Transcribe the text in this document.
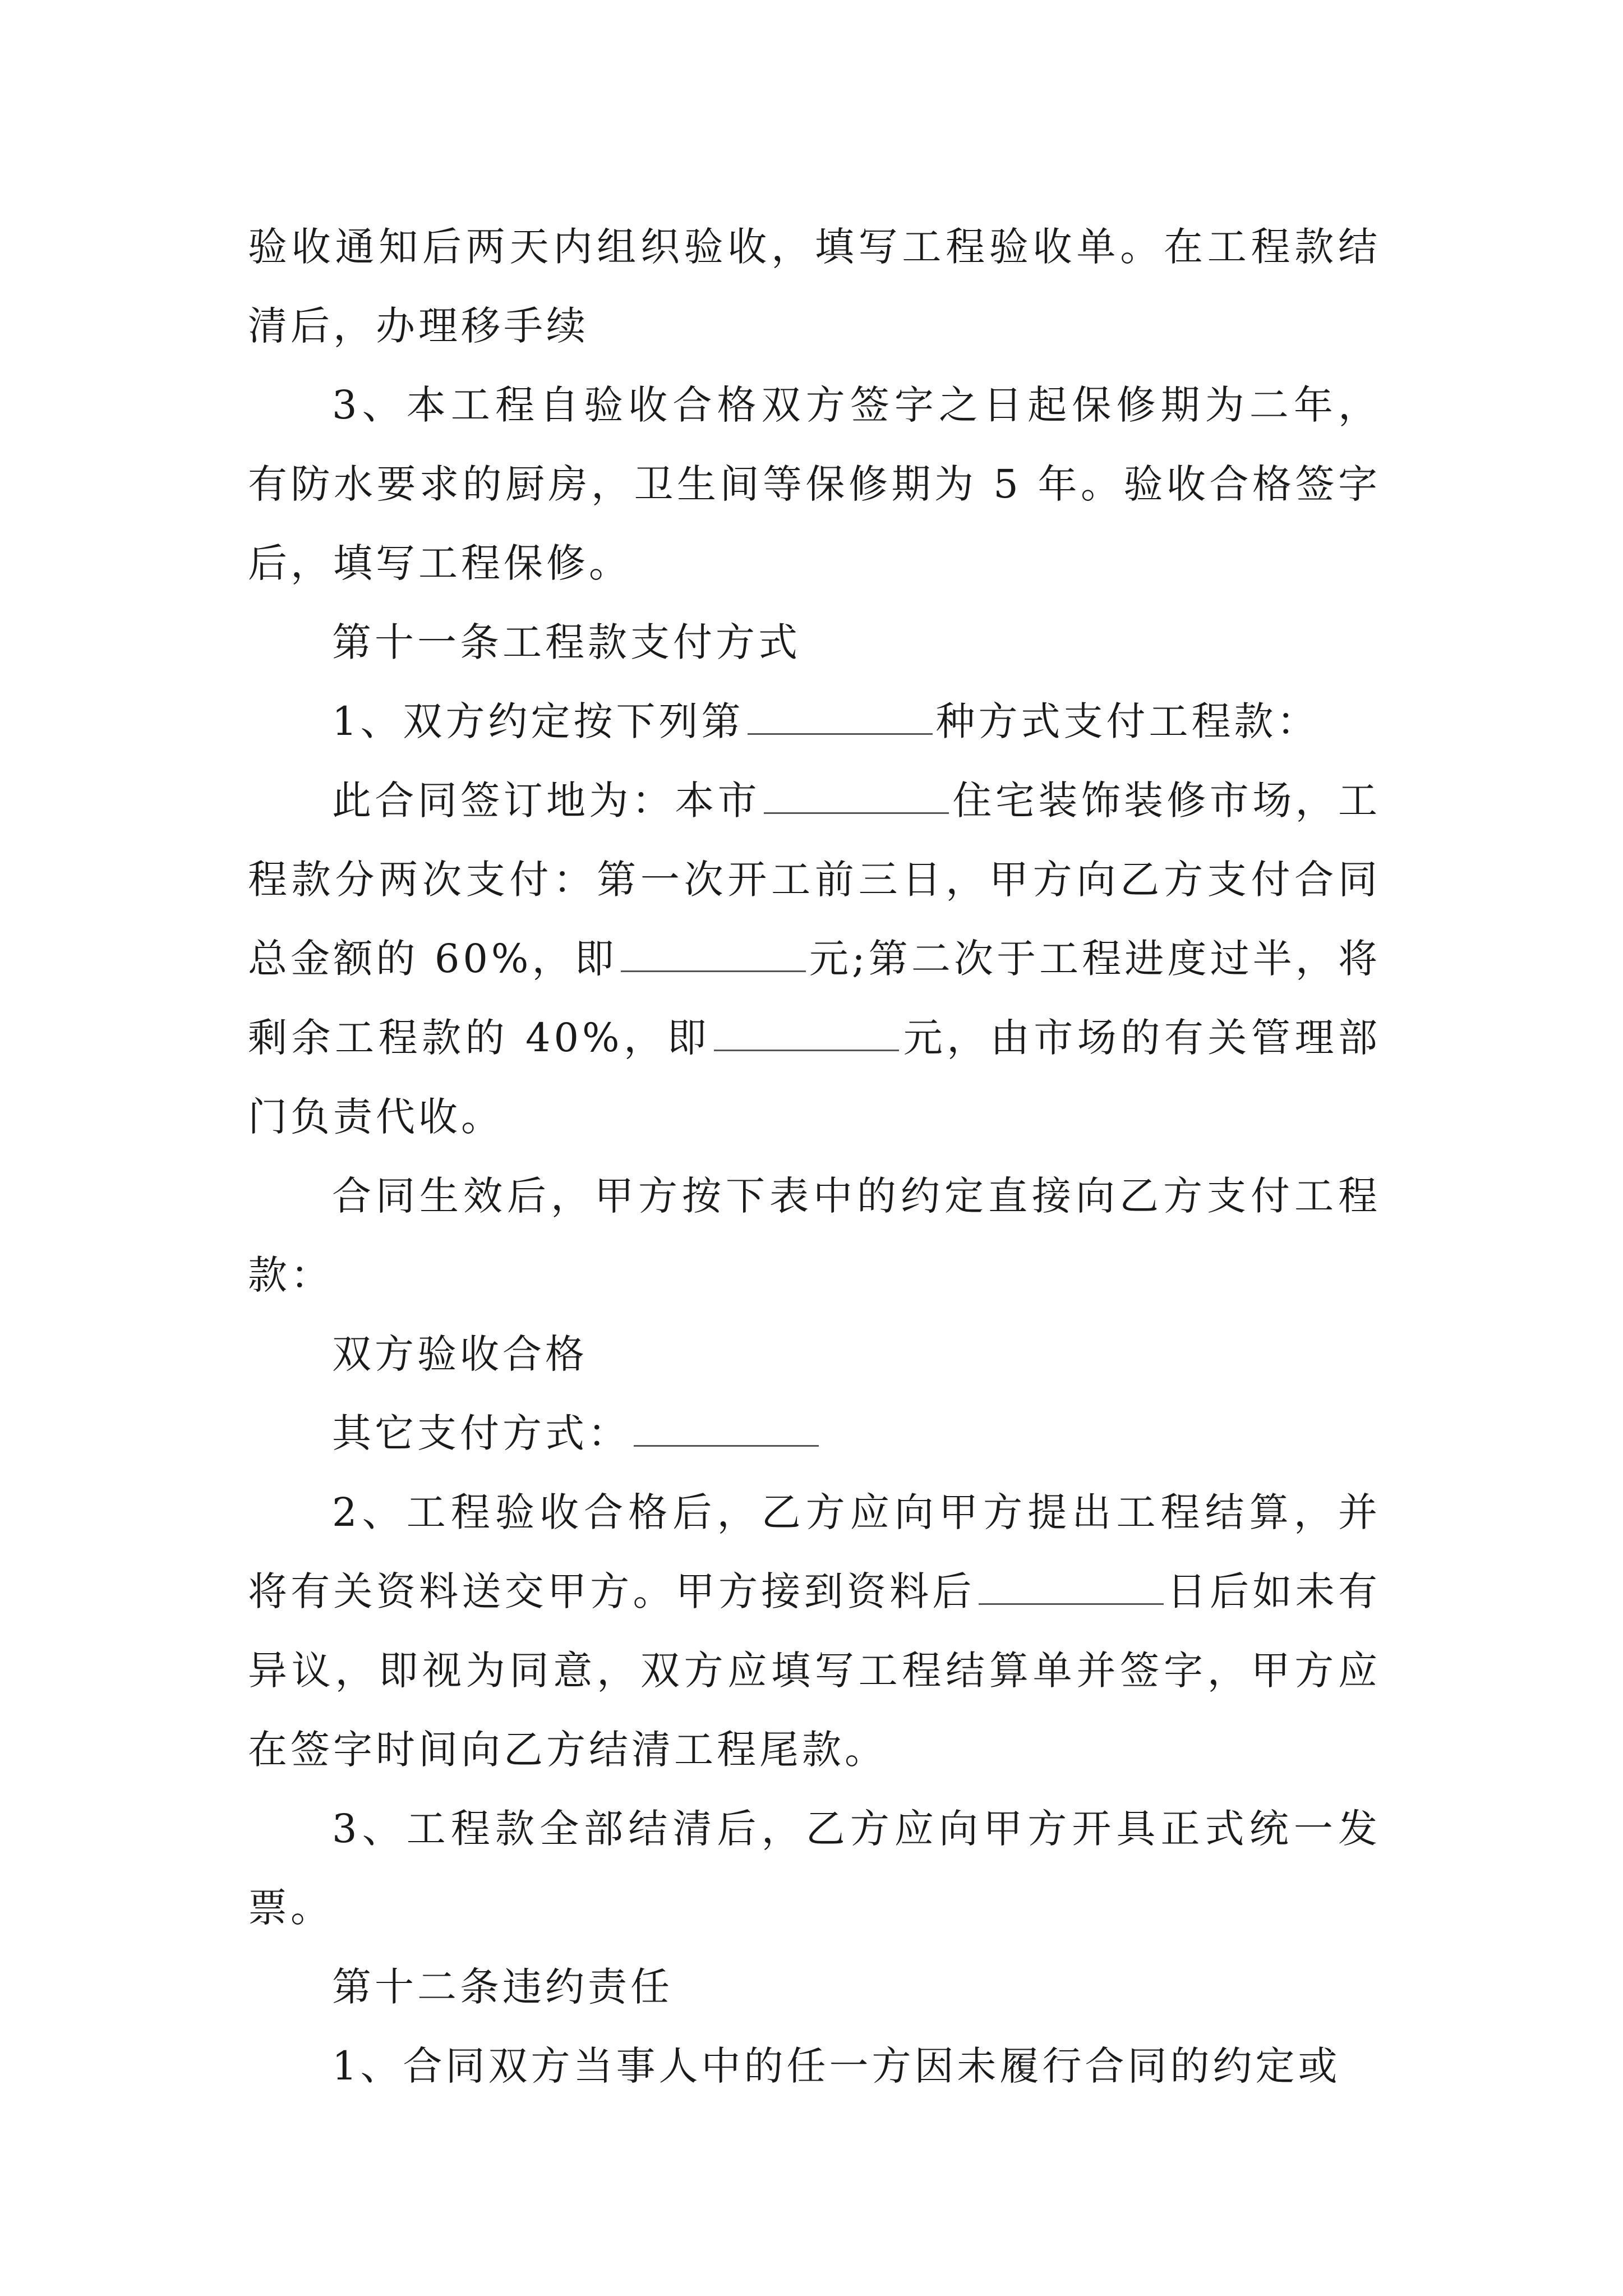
验收通知后两天内组织验收，填写工程验收单。在工程款结清后，办理移手续

3、本工程自验收合格双方签字之日起保修期为二年，有防水要求的厨房，卫生间等保修期为 5 年。验收合格签字后，填写工程保修。

第十一条工程款支付方式

1、双方约定按下列第	种方式支付工程款：

此合同签订地为：本市	住宅装饰装修市场，工程款分两次支付：第一次开工前三日，甲方向乙方支付合同总金额的 60%，即	元;第二次于工程进度过半，将剩余工程款的 40%，即	元，由市场的有关管理部门负责代收。

合同生效后，甲方按下表中的约定直接向乙方支付工程款：

双方验收合格

其它支付方式：

2、工程验收合格后，乙方应向甲方提出工程结算，并将有关资料送交甲方。甲方接到资料后	日后如未有异议，即视为同意，双方应填写工程结算单并签字，甲方应在签字时间向乙方结清工程尾款。

3、工程款全部结清后，乙方应向甲方开具正式统一发票。

第十二条违约责任

1、合同双方当事人中的任一方因未履行合同的约定或
